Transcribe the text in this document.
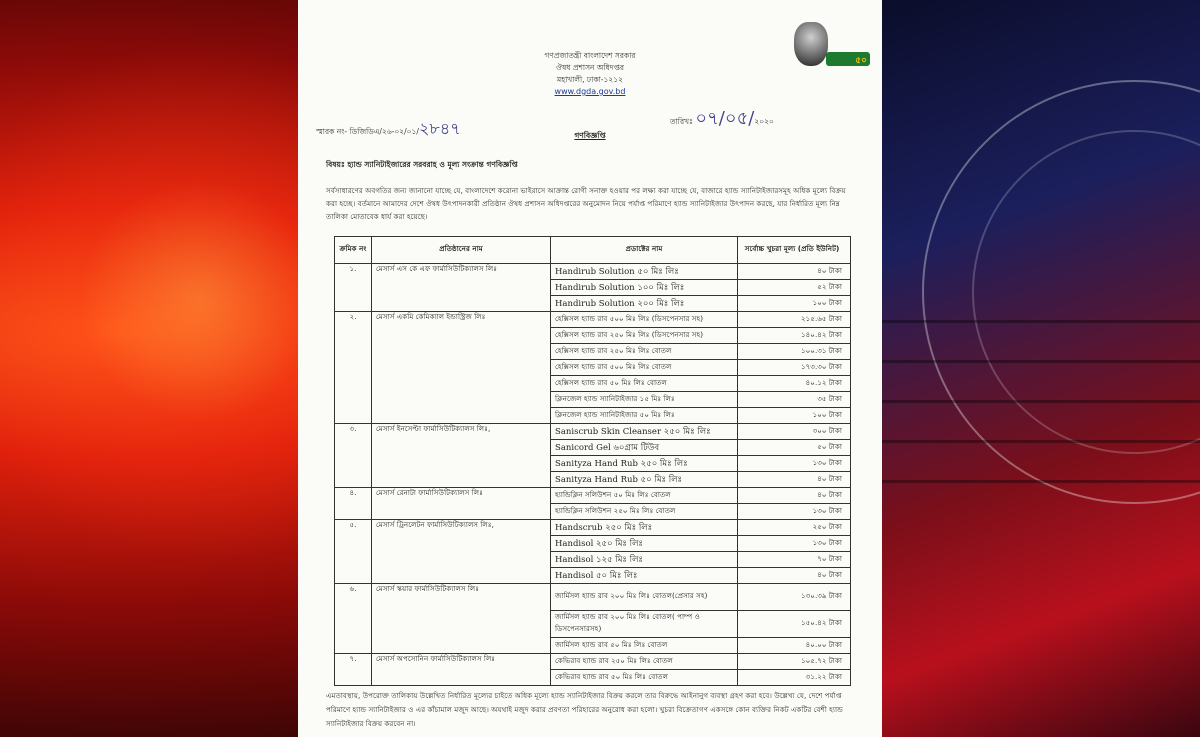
৫০
গণপ্রজাতন্ত্রী বাংলাদেশ সরকার
ঔষধ প্রশাসন অধিদপ্তর
মহাখালী, ঢাকা-১২১২
www.dgda.gov.bd
স্মারক নং- ডিজিডিএ/২৬-০২/০১/২৮৪৭	তারিখঃ ০৭/০৫/২০২০
গণবিজ্ঞপ্তি
বিষয়ঃ হ্যান্ড স্যানিটাইজারের সরবরাহ ও মূল্য সংক্রান্ত গণবিজ্ঞপ্তি
সর্বসাধারণের অবগতির জন্য জানানো যাচ্ছে যে, বাংলাদেশে করোনা ভাইরাসে আক্রান্ত রোগী সনাক্ত হওয়ার পর লক্ষ্য করা যাচ্ছে যে, বাজারে হ্যান্ড স্যানিটাইজারসমূহ অধিক মূল্যে বিক্রয় করা হচ্ছে। বর্তমানে আমাদের দেশে ঔষধ উৎপাদনকারী প্রতিষ্ঠান ঔষধ প্রশাসন অধিদপ্তরের অনুমোদন নিয়ে পর্যাপ্ত পরিমাণে হ্যান্ড স্যানিটাইজার উৎপাদন করছে, যার নির্ধারিত মূল্য নিম্ন তালিকা মোতাবেক ধার্য করা হয়েছে।
ক্রমিক নং	প্রতিষ্ঠানের নাম	প্রডাক্টের নাম	সর্বোচ্চ খুচরা মূল্য (প্রতি ইউনিট)
১.	মেসার্স এস কে এফ ফার্মাসিউটিক্যালস লিঃ	Handirub Solution ৫০ মিঃ লিঃ	৪০ টাকা
		Handirub Solution ১০০ মিঃ লিঃ	৫২ টাকা
		Handirub Solution ২০০ মিঃ লিঃ	১০০ টাকা
২.	মেসার্স একমি কেমিক্যাল ইন্ডাস্ট্রিজ লিঃ	হেক্সিসল হ্যান্ড রাব ৫০০ মিঃ লিঃ (ডিসপেনসার সহ)	২১৫.৬৫ টাকা
		হেক্সিসল হ্যান্ড রাব ২৫০ মিঃ লিঃ (ডিসপেনসার সহ)	১৪০.৪২ টাকা
		হেক্সিসল হ্যান্ড রাব ২৫০ মিঃ লিঃ বোতল	১০০.৩১ টাকা
		হেক্সিসল হ্যান্ড রাব ৫০০ মিঃ লিঃ বোতল	১৭৩.৩০ টাকা
		হেক্সিসল হ্যান্ড রাব ৫০ মিঃ লিঃ বোতল	৪০.১২ টাকা
		ক্লিনজেল হ্যান্ড স্যানিটাইজার ১৫ মিঃ লিঃ	৩৫ টাকা
		ক্লিনজেল হ্যান্ড স্যানিটাইজার ৫০ মিঃ লিঃ	১০০ টাকা
৩.	মেসার্স ইনসেপ্টা ফার্মাসিউটিক্যালস লিঃ,	Saniscrub Skin Cleanser ২৫০ মিঃ লিঃ	৩০০ টাকা
		Sanicord Gel ৬০গ্রাম টিউব	৫০ টাকা
		Sanityza Hand Rub ২৫০ মিঃ লিঃ	১৩০ টাকা
		Sanityza Hand Rub ৫০ মিঃ লিঃ	৪০ টাকা
৪.	মেসার্স রেনাটা ফার্মাসিউটিক্যালস লিঃ	হ্যান্ডিক্লিন সলিউশন ৫০ মিঃ লিঃ বোতল	৪০ টাকা
		হ্যান্ডিক্লিন সলিউশন ২৫০ মিঃ লিঃ বোতল	১৩০ টাকা
৫.	মেসার্স ট্রিনলেটন ফার্মাসিউটিক্যালস লিঃ,	Handscrub ২৫০ মিঃ লিঃ	২৫০ টাকা
		Handisol ২৫০ মিঃ লিঃ	১৩০ টাকা
		Handisol ১২৫ মিঃ লিঃ	৭০ টাকা
		Handisol ৫০ মিঃ লিঃ	৪০ টাকা
৬.	মেসার্স স্কয়ার ফার্মাসিউটিক্যালস লিঃ	জার্মিসল হ্যান্ড রাব ২০০ মিঃ লিঃ বোতল(প্রেসার সহ)	১৩০.৩৯ টাকা
		জার্মিসল হ্যান্ড রাব ২০০ মিঃ লিঃ বোতল( পাম্প ও ডিসপেনসারসহ)	১৫০.৪২ টাকা
		জার্মিসল হ্যান্ড রাব ৫০ মিঃ লিঃ বোতল	৪০.০০ টাকা
৭.	মেসার্স অপসোনিন ফার্মাসিউটিক্যালস লিঃ	কেভিরাব হ্যান্ড রাব ২৫০ মিঃ লিঃ বোতল	১০৫.৭২ টাকা
		কেভিরাব হ্যান্ড রাব ৫০ মিঃ লিঃ বোতল	৩১.২২ টাকা
এমতাবস্থায়, উপরোক্ত তালিকায় উল্লেখিত নির্ধারিত মূল্যের চাইতে অধিক মূল্যে হ্যান্ড স্যানিটাইজার বিক্রয় করলে তার বিরুদ্ধে আইনানুগ ব্যবস্থা গ্রহণ করা হবে। উল্লেখ্য যে, দেশে পর্যাপ্ত পরিমাণে হ্যান্ড স্যানিটাইজার ও এর কাঁচামাল মজুদ আছে। অযথাই মজুদ করার প্রবণতা পরিহারের অনুরোধ করা হলো। খুচরা বিক্রেতাগণ একসঙ্গে কোন ব্যক্তির নিকট একটির বেশী হ্যান্ড স্যানিটাইজার বিক্রয় করবেন না।
